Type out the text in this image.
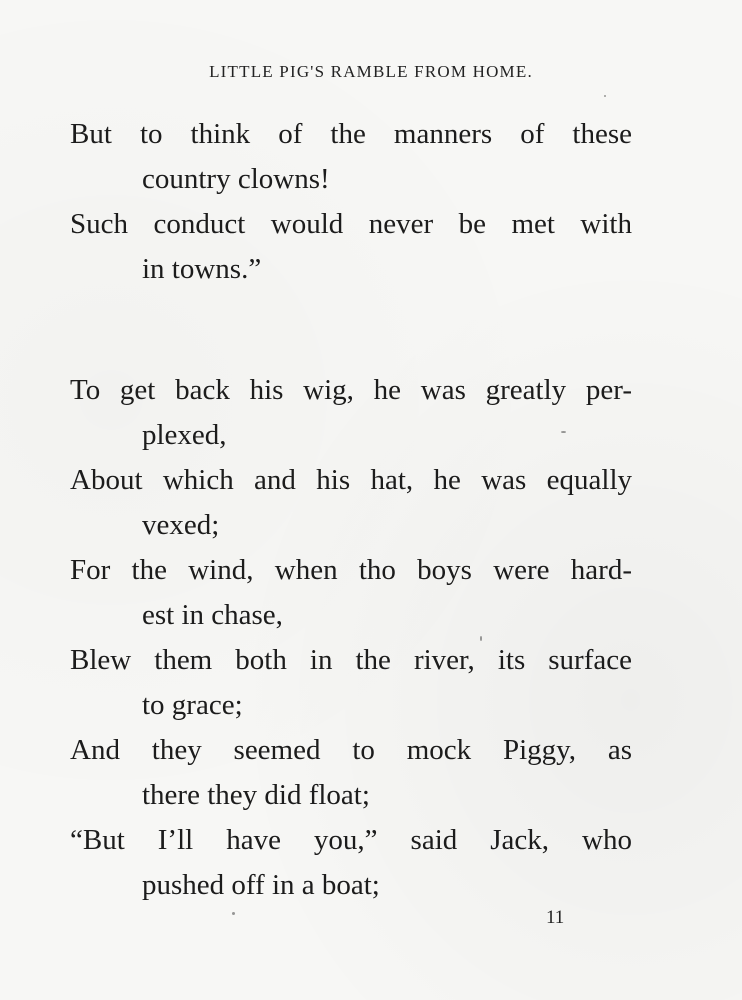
LITTLE PIG'S RAMBLE FROM HOME.

But to think of the manners of these
country clowns!

Such conduct would never be met with
in towns.”

To get back his wig, he was greatly per-
plexed,

About which and his hat, he was equally
vexed;

For the wind, when tho boys were hard-
est in chase,

Blew them both in the river, its surface
to grace;

And they seemed to mock Piggy, as
there they did float;

“But I’ll have you,” said Jack, who
pushed off in a boat;

11
